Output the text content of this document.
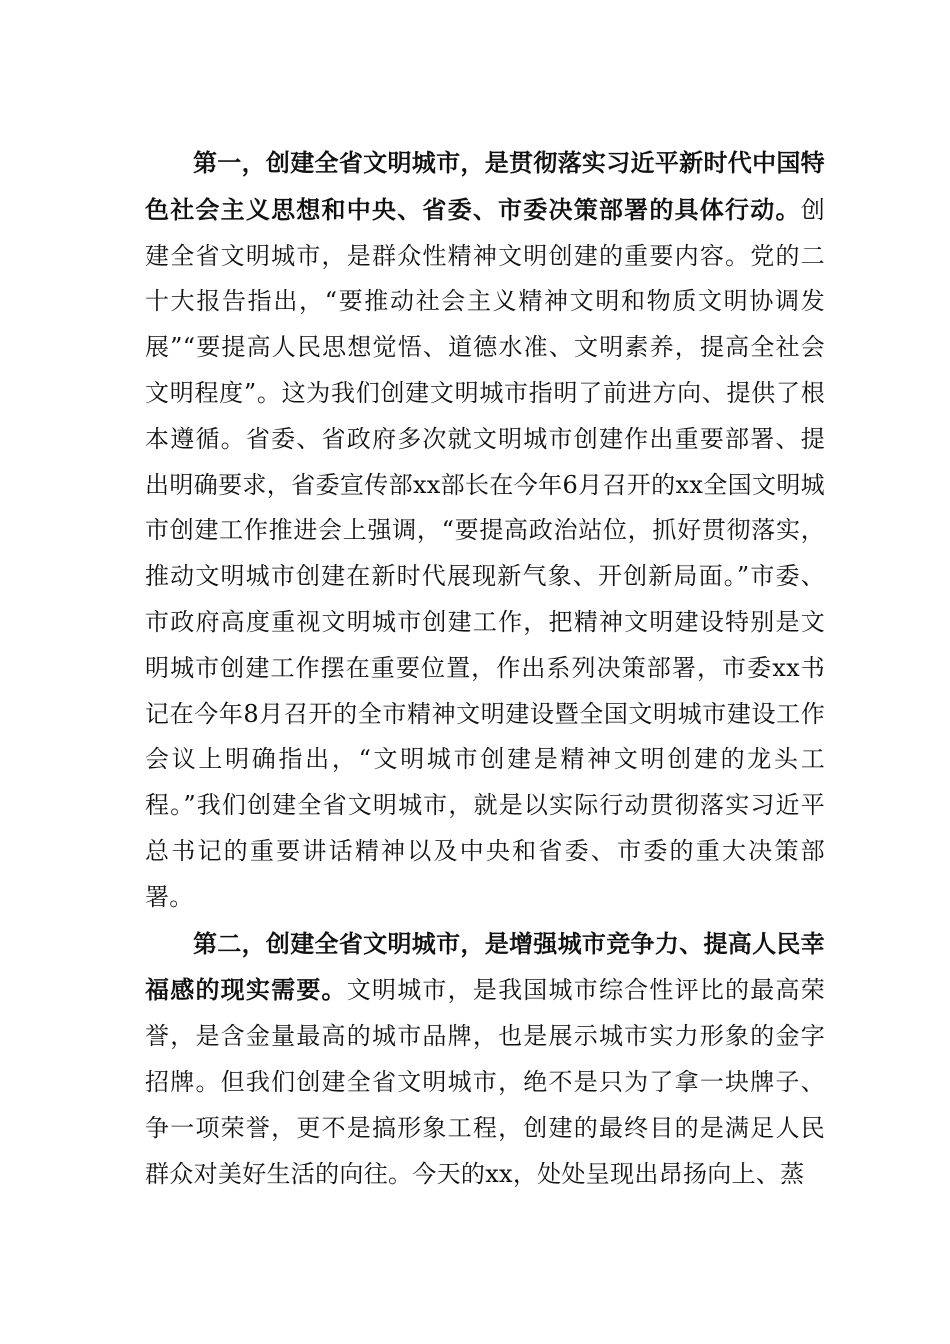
第一，创建全省文明城市，是贯彻落实习近平新时代中国特色社会主义思想和中央、省委、市委决策部署的具体行动。创建全省文明城市，是群众性精神文明创建的重要内容。党的二十大报告指出，“要推动社会主义精神文明和物质文明协调发展”“要提高人民思想觉悟、道德水准、文明素养，提高全社会文明程度”。这为我们创建文明城市指明了前进方向、提供了根本遵循。省委、省政府多次就文明城市创建作出重要部署、提出明确要求，省委宣传部xx部长在今年6月召开的xx全国文明城市创建工作推进会上强调，“要提高政治站位，抓好贯彻落实，推动文明城市创建在新时代展现新气象、开创新局面。”市委、市政府高度重视文明城市创建工作，把精神文明建设特别是文明城市创建工作摆在重要位置，作出系列决策部署，市委xx书记在今年8月召开的全市精神文明建设暨全国文明城市建设工作会议上明确指出，“文明城市创建是精神文明创建的龙头工程。”我们创建全省文明城市，就是以实际行动贯彻落实习近平总书记的重要讲话精神以及中央和省委、市委的重大决策部署。

第二，创建全省文明城市，是增强城市竞争力、提高人民幸福感的现实需要。文明城市，是我国城市综合性评比的最高荣誉，是含金量最高的城市品牌，也是展示城市实力形象的金字招牌。但我们创建全省文明城市，绝不是只为了拿一块牌子、争一项荣誉，更不是搞形象工程，创建的最终目的是满足人民群众对美好生活的向往。今天的xx，处处呈现出昂扬向上、蒸
